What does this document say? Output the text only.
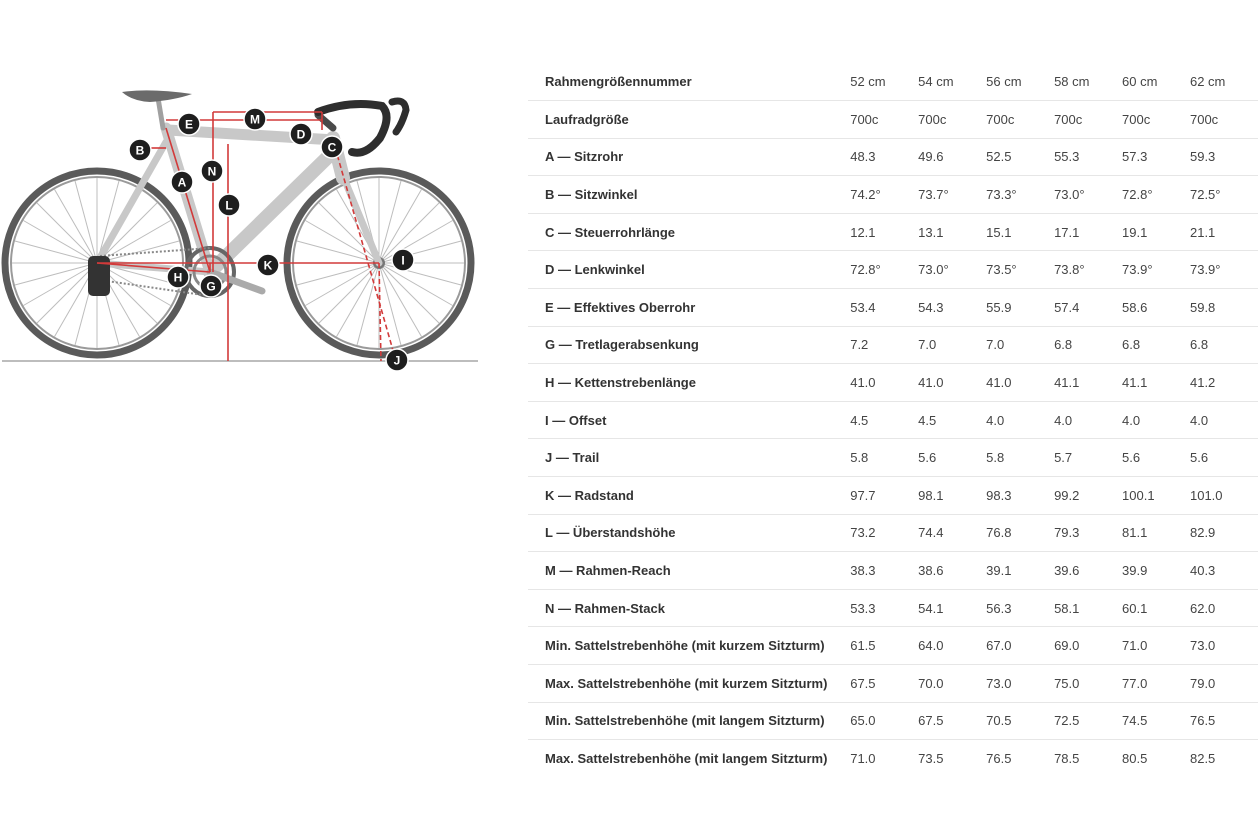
A
B	C
D
E
G
H
I
J
K
L
M
N
Rahmengrößennummer	52 cm	54 cm	56 cm	58 cm	60 cm	62 cm
Laufradgröße	700c	700c	700c	700c	700c	700c
A — Sitzrohr	48.3	49.6	52.5	55.3	57.3	59.3
B — Sitzwinkel	74.2°	73.7°	73.3°	73.0°	72.8°	72.5°
C — Steuerrohrlänge	12.1	13.1	15.1	17.1	19.1	21.1
D — Lenkwinkel	72.8°	73.0°	73.5°	73.8°	73.9°	73.9°
E — Effektives Oberrohr	53.4	54.3	55.9	57.4	58.6	59.8
G — Tretlagerabsenkung	7.2	7.0	7.0	6.8	6.8	6.8
H — Kettenstrebenlänge	41.0	41.0	41.0	41.1	41.1	41.2
I — Offset	4.5	4.5	4.0	4.0	4.0	4.0
J — Trail	5.8	5.6	5.8	5.7	5.6	5.6
K — Radstand	97.7	98.1	98.3	99.2	100.1	101.0
L — Überstandshöhe	73.2	74.4	76.8	79.3	81.1	82.9
M — Rahmen-Reach	38.3	38.6	39.1	39.6	39.9	40.3
N — Rahmen-Stack	53.3	54.1	56.3	58.1	60.1	62.0
Min. Sattelstrebenhöhe (mit kurzem Sitzturm)	61.5	64.0	67.0	69.0	71.0	73.0
Max. Sattelstrebenhöhe (mit kurzem Sitzturm)	67.5	70.0	73.0	75.0	77.0	79.0
Min. Sattelstrebenhöhe (mit langem Sitzturm)	65.0	67.5	70.5	72.5	74.5	76.5
Max. Sattelstrebenhöhe (mit langem Sitzturm)	71.0	73.5	76.5	78.5	80.5	82.5
